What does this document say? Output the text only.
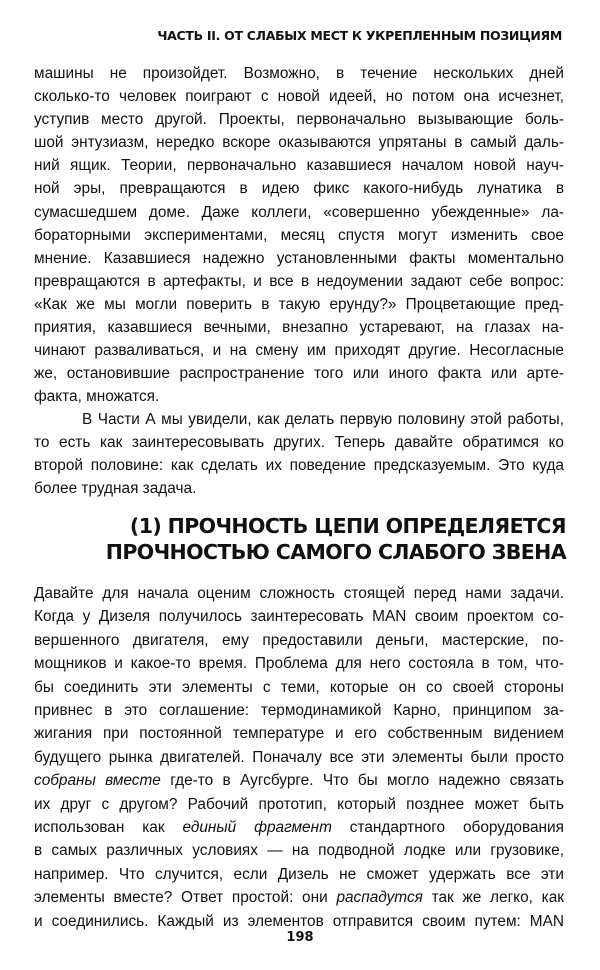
ЧАСТЬ II. ОТ СЛАБЫХ МЕСТ К УКРЕПЛЕННЫМ ПОЗИЦИЯМ
машины не произойдет. Возможно, в течение нескольких дней
сколько-то человек поиграют с новой идеей, но потом она исчезнет,
уступив место другой. Проекты, первоначально вызывающие боль-
шой энтузиазм, нередко вскоре оказываются упрятаны в самый даль-
ний ящик. Теории, первоначально казавшиеся началом новой науч-
ной эры, превращаются в идею фикс какого-нибудь лунатика в
сумасшедшем доме. Даже коллеги, «совершенно убежденные» ла-
бораторными экспериментами, месяц спустя могут изменить свое
мнение. Казавшиеся надежно установленными факты моментально
превращаются в артефакты, и все в недоумении задают себе вопрос:
«Как же мы могли поверить в такую ерунду?» Процветающие пред-
приятия, казавшиеся вечными, внезапно устаревают, на глазах на-
чинают разваливаться, и на смену им приходят другие. Несогласные
же, остановившие распространение того или иного факта или арте-
факта, множатся.
В Части А мы увидели, как делать первую половину этой работы,
то есть как заинтересовывать других. Теперь давайте обратимся ко
второй половине: как сделать их поведение предсказуемым. Это куда
более трудная задача.
(1) ПРОЧНОСТЬ ЦЕПИ ОПРЕДЕЛЯЕТСЯ
ПРОЧНОСТЬЮ САМОГО СЛАБОГО ЗВЕНА
Давайте для начала оценим сложность стоящей перед нами задачи.
Когда у Дизеля получилось заинтересовать MAN своим проектом со-
вершенного двигателя, ему предоставили деньги, мастерские, по-
мощников и какое-то время. Проблема для него состояла в том, что-
бы соединить эти элементы с теми, которые он со своей стороны
привнес в это соглашение: термодинамикой Карно, принципом за-
жигания при постоянной температуре и его собственным видением
будущего рынка двигателей. Поначалу все эти элементы были просто
собраны вместе где-то в Аугсбурге. Что бы могло надежно связать
их друг с другом? Рабочий прототип, который позднее может быть
использован как единый фрагмент стандартного оборудования
в самых различных условиях — на подводной лодке или грузовике,
например. Что случится, если Дизель не сможет удержать все эти
элементы вместе? Ответ простой: они распадутся так же легко, как
и соединились. Каждый из элементов отправится своим путем: MAN
198
